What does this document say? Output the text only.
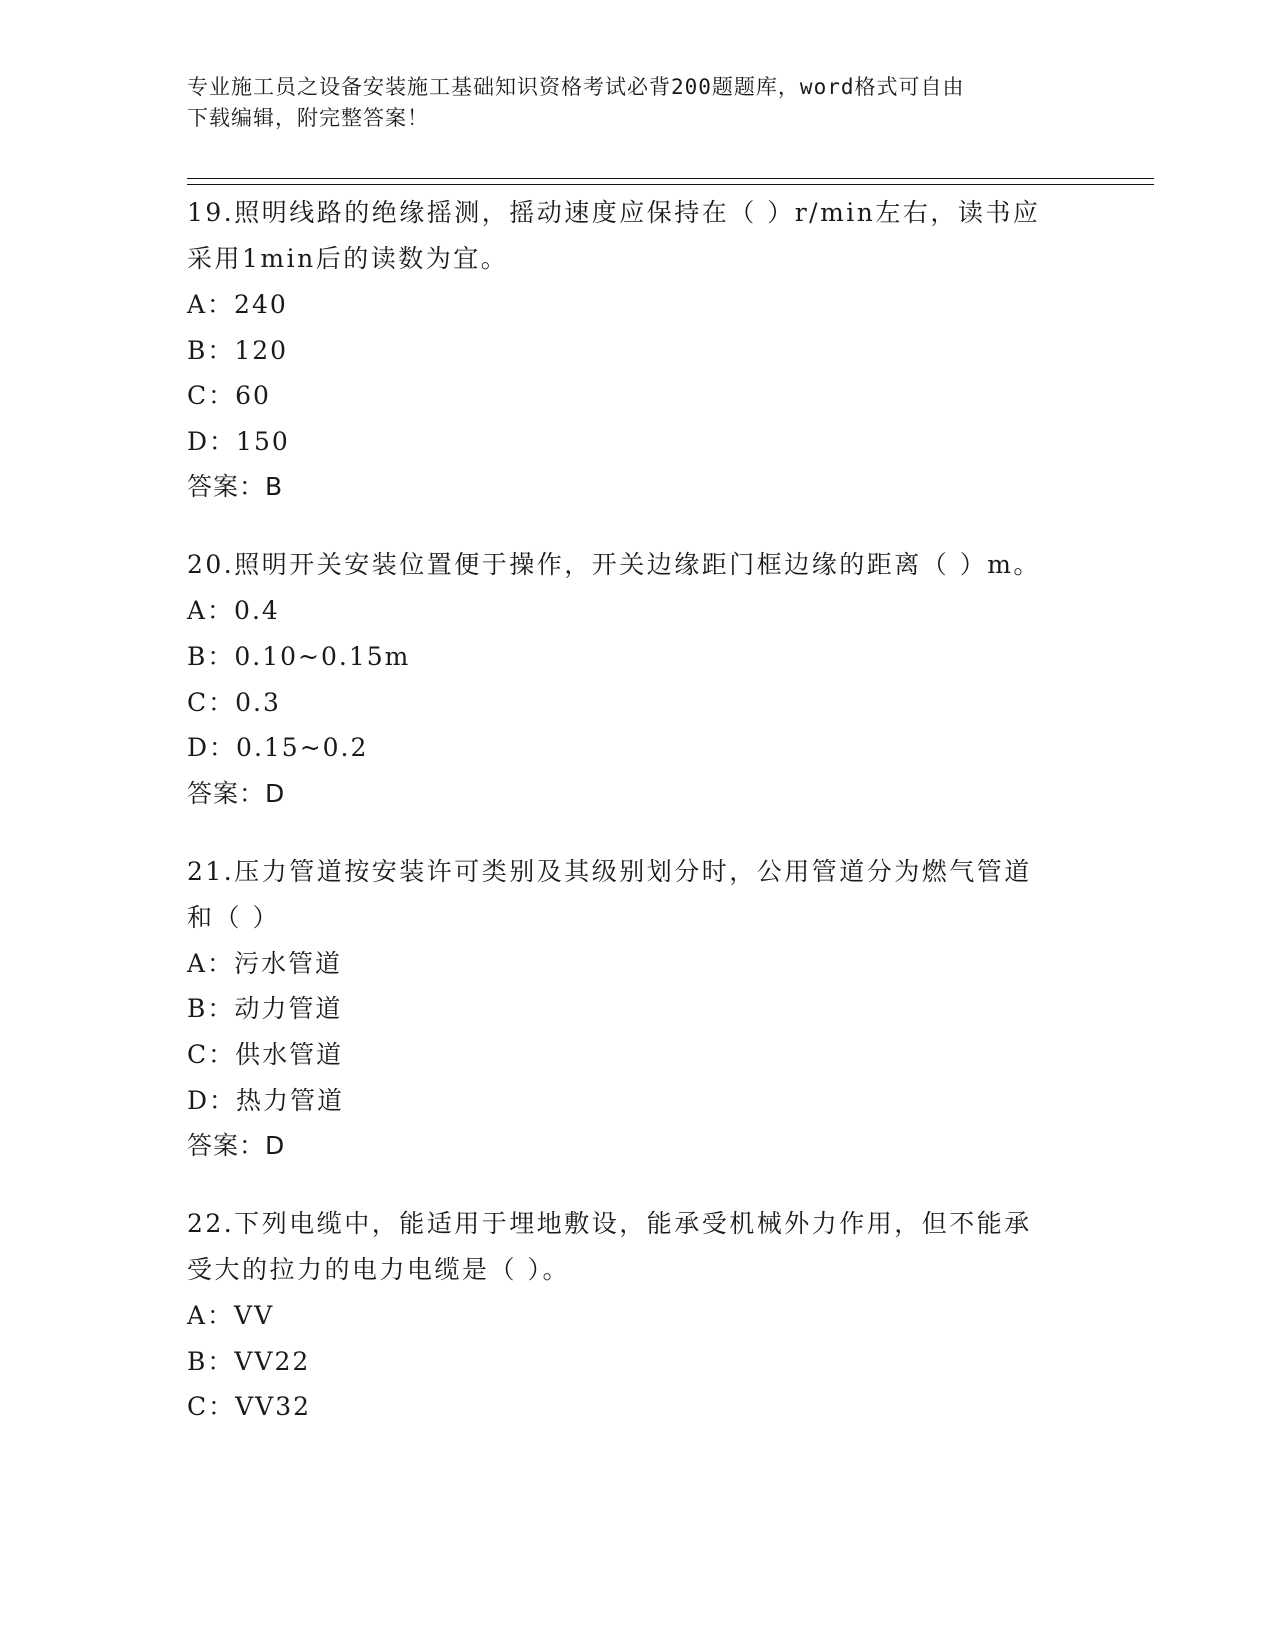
专业施工员之设备安装施工基础知识资格考试必背200题题库，word格式可自由
下载编辑，附完整答案！
19.照明线路的绝缘摇测，摇动速度应保持在（ ）r/min左右，读书应
采用1min后的读数为宜。
A：240
B：120
C：60
D：150
答案：B
20.照明开关安装位置便于操作，开关边缘距门框边缘的距离（ ）m。
A：0.4
B：0.10~0.15m
C：0.3
D：0.15~0.2
答案：D
21.压力管道按安装许可类别及其级别划分时，公用管道分为燃气管道
和（ ）
A：污水管道
B：动力管道
C：供水管道
D：热力管道
答案：D
22.下列电缆中，能适用于埋地敷设，能承受机械外力作用，但不能承
受大的拉力的电力电缆是（ ）。
A：VV
B：VV22
C：VV32
